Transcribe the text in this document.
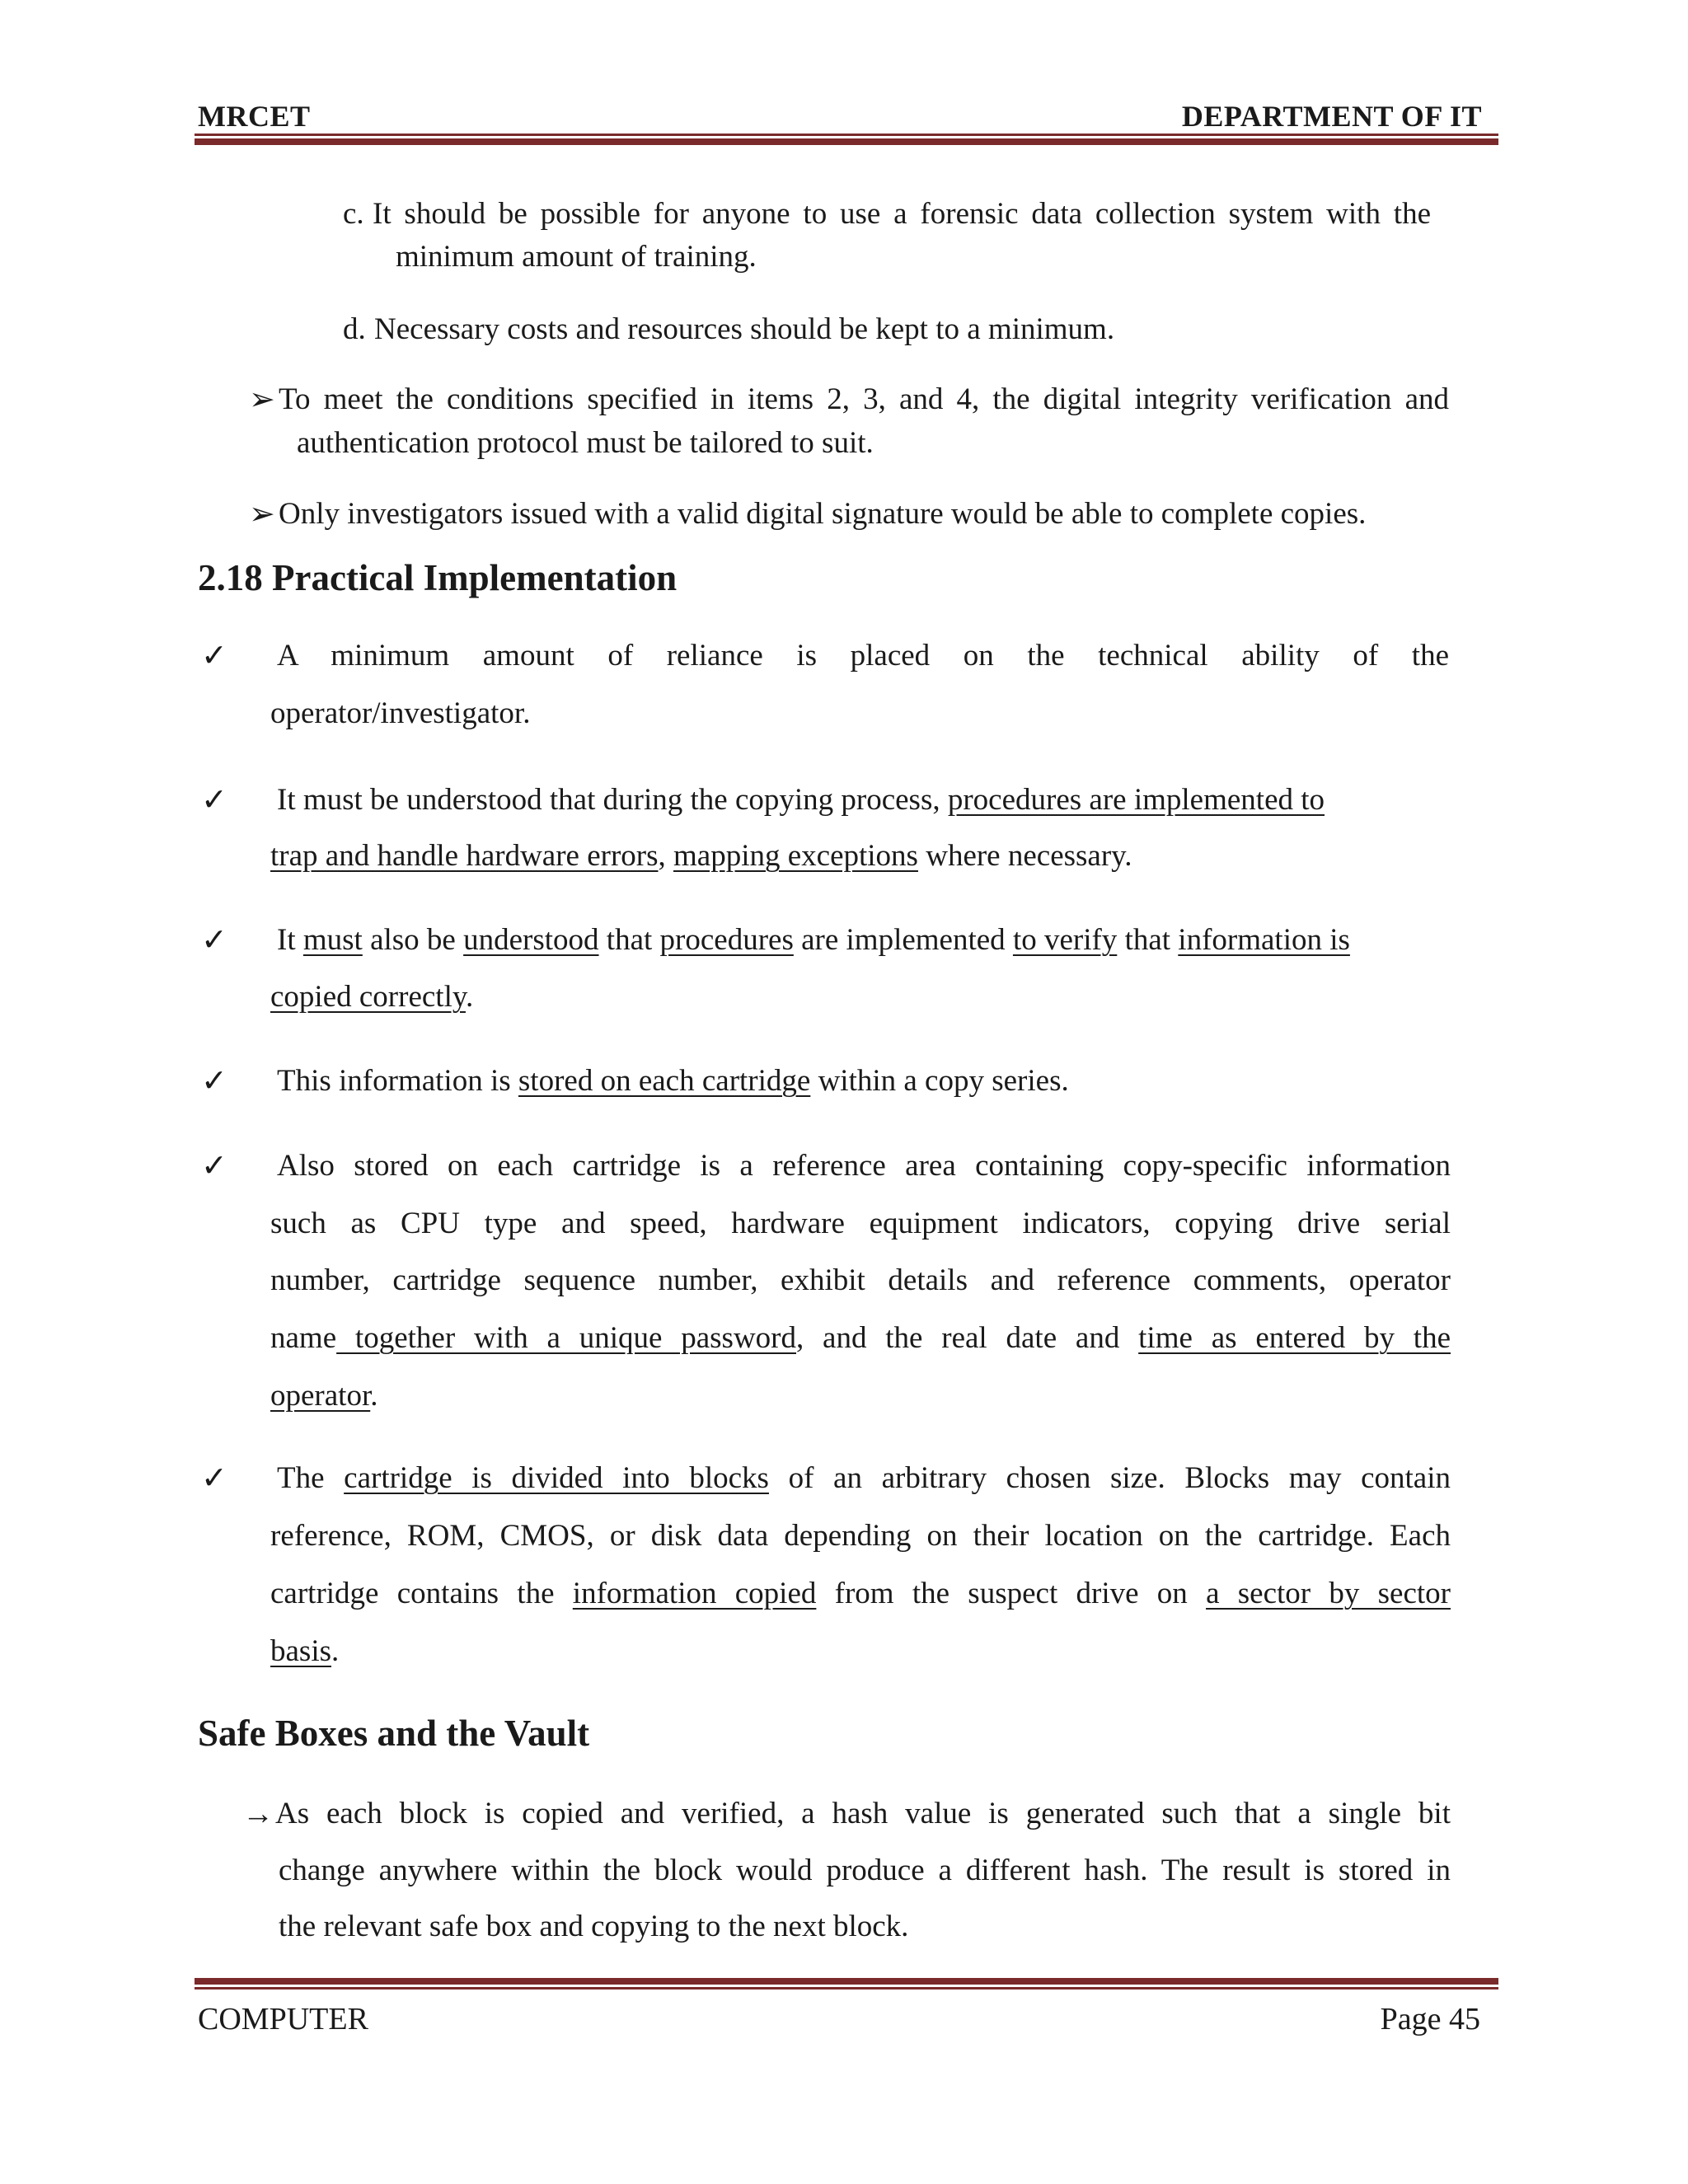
MRCET	DEPARTMENT OF IT
c. It should be possible for anyone to use a forensic data collection system with the
minimum amount of training.
d. Necessary costs and resources should be kept to a minimum.
➢ To meet the conditions specified in items 2, 3, and 4, the digital integrity verification and
authentication protocol must be tailored to suit.
➢ Only investigators issued with a valid digital signature would be able to complete copies.
2.18 Practical Implementation
✓ A minimum amount of reliance is placed on the technical ability of the
operator/investigator.
✓ It must be understood that during the copying process, procedures are implemented to
trap and handle hardware errors, mapping exceptions where necessary.
✓ It must also be understood that procedures are implemented to verify that information is
copied correctly.
✓ This information is stored on each cartridge within a copy series.
✓ Also stored on each cartridge is a reference area containing copy-specific information
such as CPU type and speed, hardware equipment indicators, copying drive serial
number, cartridge sequence number, exhibit details and reference comments, operator
name together with a unique password, and the real date and time as entered by the
operator.
✓ The cartridge is divided into blocks of an arbitrary chosen size. Blocks may contain
reference, ROM, CMOS, or disk data depending on their location on the cartridge. Each
cartridge contains the information copied from the suspect drive on a sector by sector
basis.
Safe Boxes and the Vault
→ As each block is copied and verified, a hash value is generated such that a single bit
change anywhere within the block would produce a different hash. The result is stored in
the relevant safe box and copying to the next block.
COMPUTER	Page 45
